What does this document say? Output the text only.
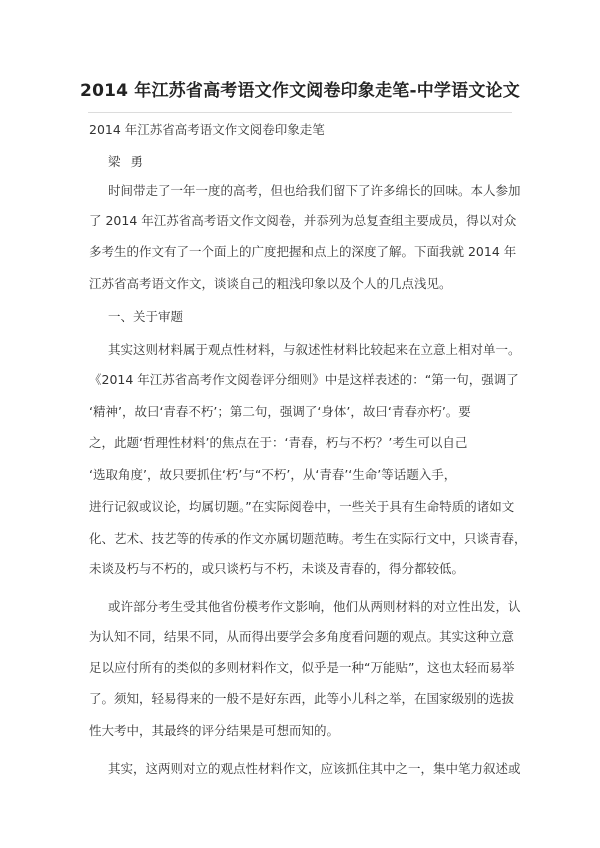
2014 年江苏省高考语文作文阅卷印象走笔-中学语文论文
2014 年江苏省高考语文作文阅卷印象走笔
梁 勇
时间带走了一年一度的高考，但也给我们留下了许多绵长的回味。本人参加
了 2014 年江苏省高考语文作文阅卷，并忝列为总复查组主要成员，得以对众
多考生的作文有了一个面上的广度把握和点上的深度了解。下面我就 2014 年
江苏省高考语文作文，谈谈自己的粗浅印象以及个人的几点浅见。
一、关于审题
其实这则材料属于观点性材料，与叙述性材料比较起来在立意上相对单一。
《2014 年江苏省高考作文阅卷评分细则》中是这样表述的：“第一句，强调了
‘精神’，故曰‘青春不朽’；第二句，强调了‘身体’，故曰‘青春亦朽’。要
之，此题‘哲理性材料’的焦点在于：‘青春，朽与不朽？’考生可以自己
‘选取角度’，故只要抓住‘朽’与“不朽’，从‘青春’‘生命’等话题入手，
进行记叙或议论，均属切题。”在实际阅卷中，一些关于具有生命特质的诸如文
化、艺术、技艺等的传承的作文亦属切题范畴。考生在实际行文中，只谈青春，
未谈及朽与不朽的，或只谈朽与不朽，未谈及青春的，得分都较低。
或许部分考生受其他省份模考作文影响，他们从两则材料的对立性出发，认
为认知不同，结果不同，从而得出要学会多角度看问题的观点。其实这种立意
足以应付所有的类似的多则材料作文，似乎是一种“万能贴”，这也太轻而易举
了。须知，轻易得来的一般不是好东西，此等小儿科之举，在国家级别的选拔
性大考中，其最终的评分结果是可想而知的。
其实，这两则对立的观点性材料作文，应该抓住其中之一，集中笔力叙述或
